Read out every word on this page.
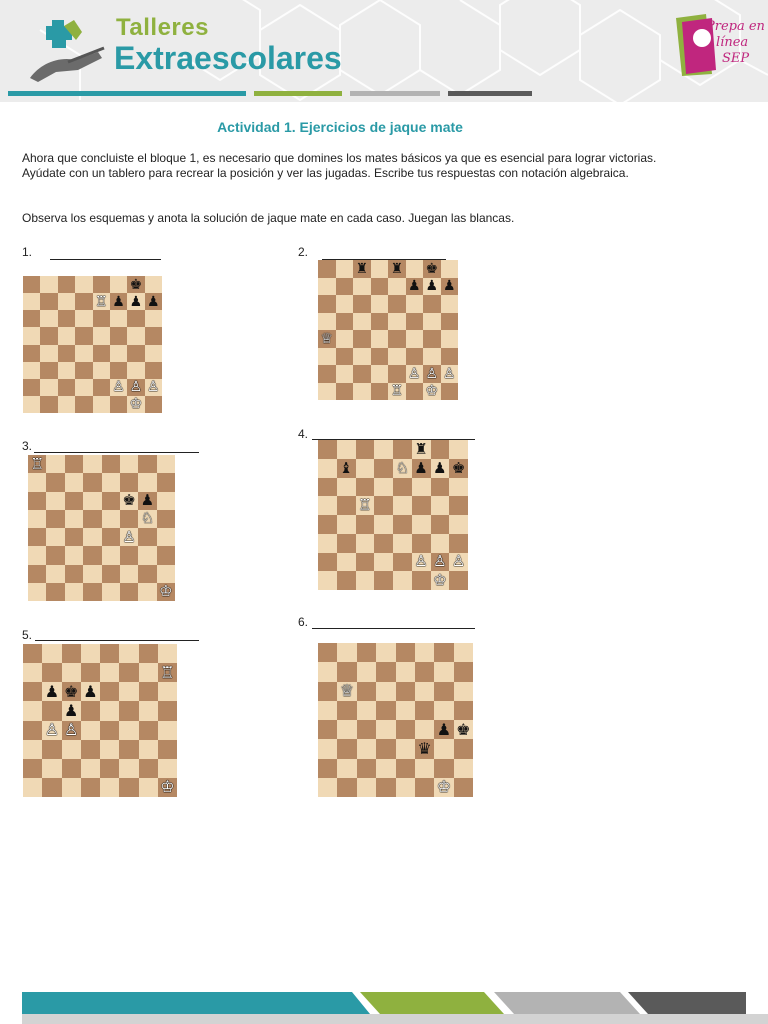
Talleres
Extraescolares
Prepa en
línea
SEP
Actividad 1. Ejercicios de jaque mate
Ahora que concluiste el bloque 1, es necesario que domines los mates básicos ya que es esencial para lograr victorias. Ayúdate con un tablero para recrear la posición y ver las jugadas. Escribe tus respuestas con notación algebraica.
Observa los esquemas y anota la solución de jaque mate en cada caso. Juegan las blancas.
1.
♚
♖ ♟ ♟ ♟
♙ ♙ ♙
♔
2.
♜ ♜ ♚
♟ ♟ ♟
♕
♙ ♙ ♙
♖ ♔
3.
♖
♚ ♟
♘
♙
♔
4.
♜
♝	♘ ♟ ♟ ♚
♖
♙ ♙ ♙
♔
5.
♖
♟ ♚ ♟
♟
♙ ♙
♔
6.
♕
♟ ♚
♛
♔
